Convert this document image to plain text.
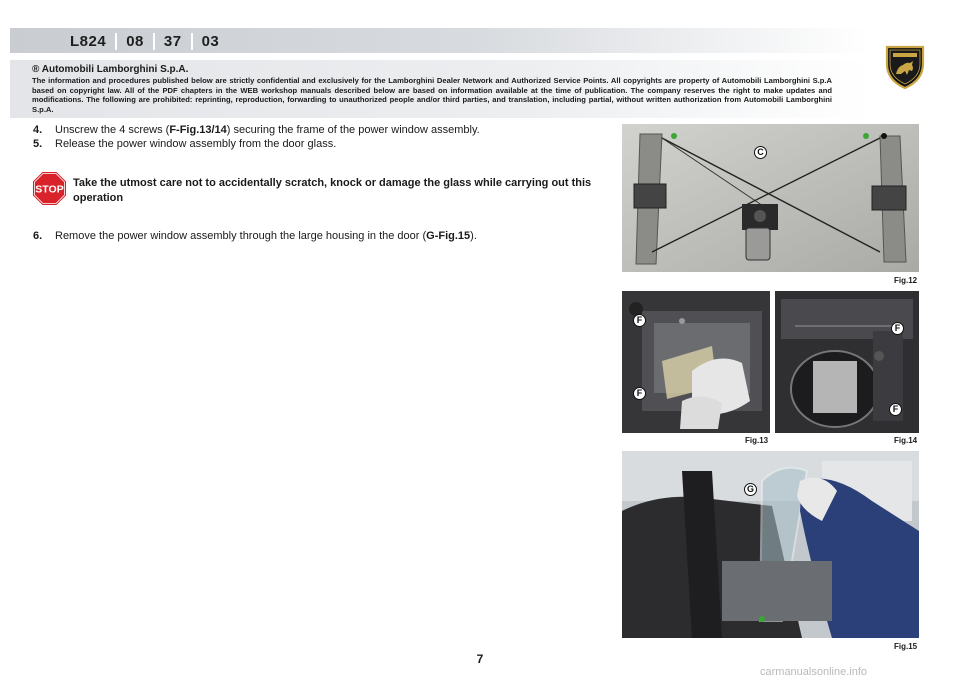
L824 08 37 03
® Automobili Lamborghini S.p.A.
The information and procedures published below are strictly confidential and exclusively for the Lamborghini Dealer Network and Authorized Service Points. All copyrights are property of Automobili Lamborghini S.p.A based on copyright law. All of the PDF chapters in the WEB workshop manuals described below are based on information available at the time of publication. The company reserves the right to make updates and modifications. The following are prohibited: reprinting, reproduction, forwarding to unauthorized people and/or third parties, and translation, including partial, without written authorization from Automobili Lamborghini S.p.A.
4.	Unscrew the 4 screws (F-Fig.13/14) securing the frame of the power window assembly.
5.	Release the power window assembly from the door glass.
STOP
Take the utmost care not to accidentally scratch, knock or damage the glass while carrying out this operation
6.	Remove the power window assembly through the large housing in the door (G-Fig.15).
C
Fig.12
F
F
Fig.13
F
F
Fig.14
G
Fig.15
7
carmanualsonline.info
